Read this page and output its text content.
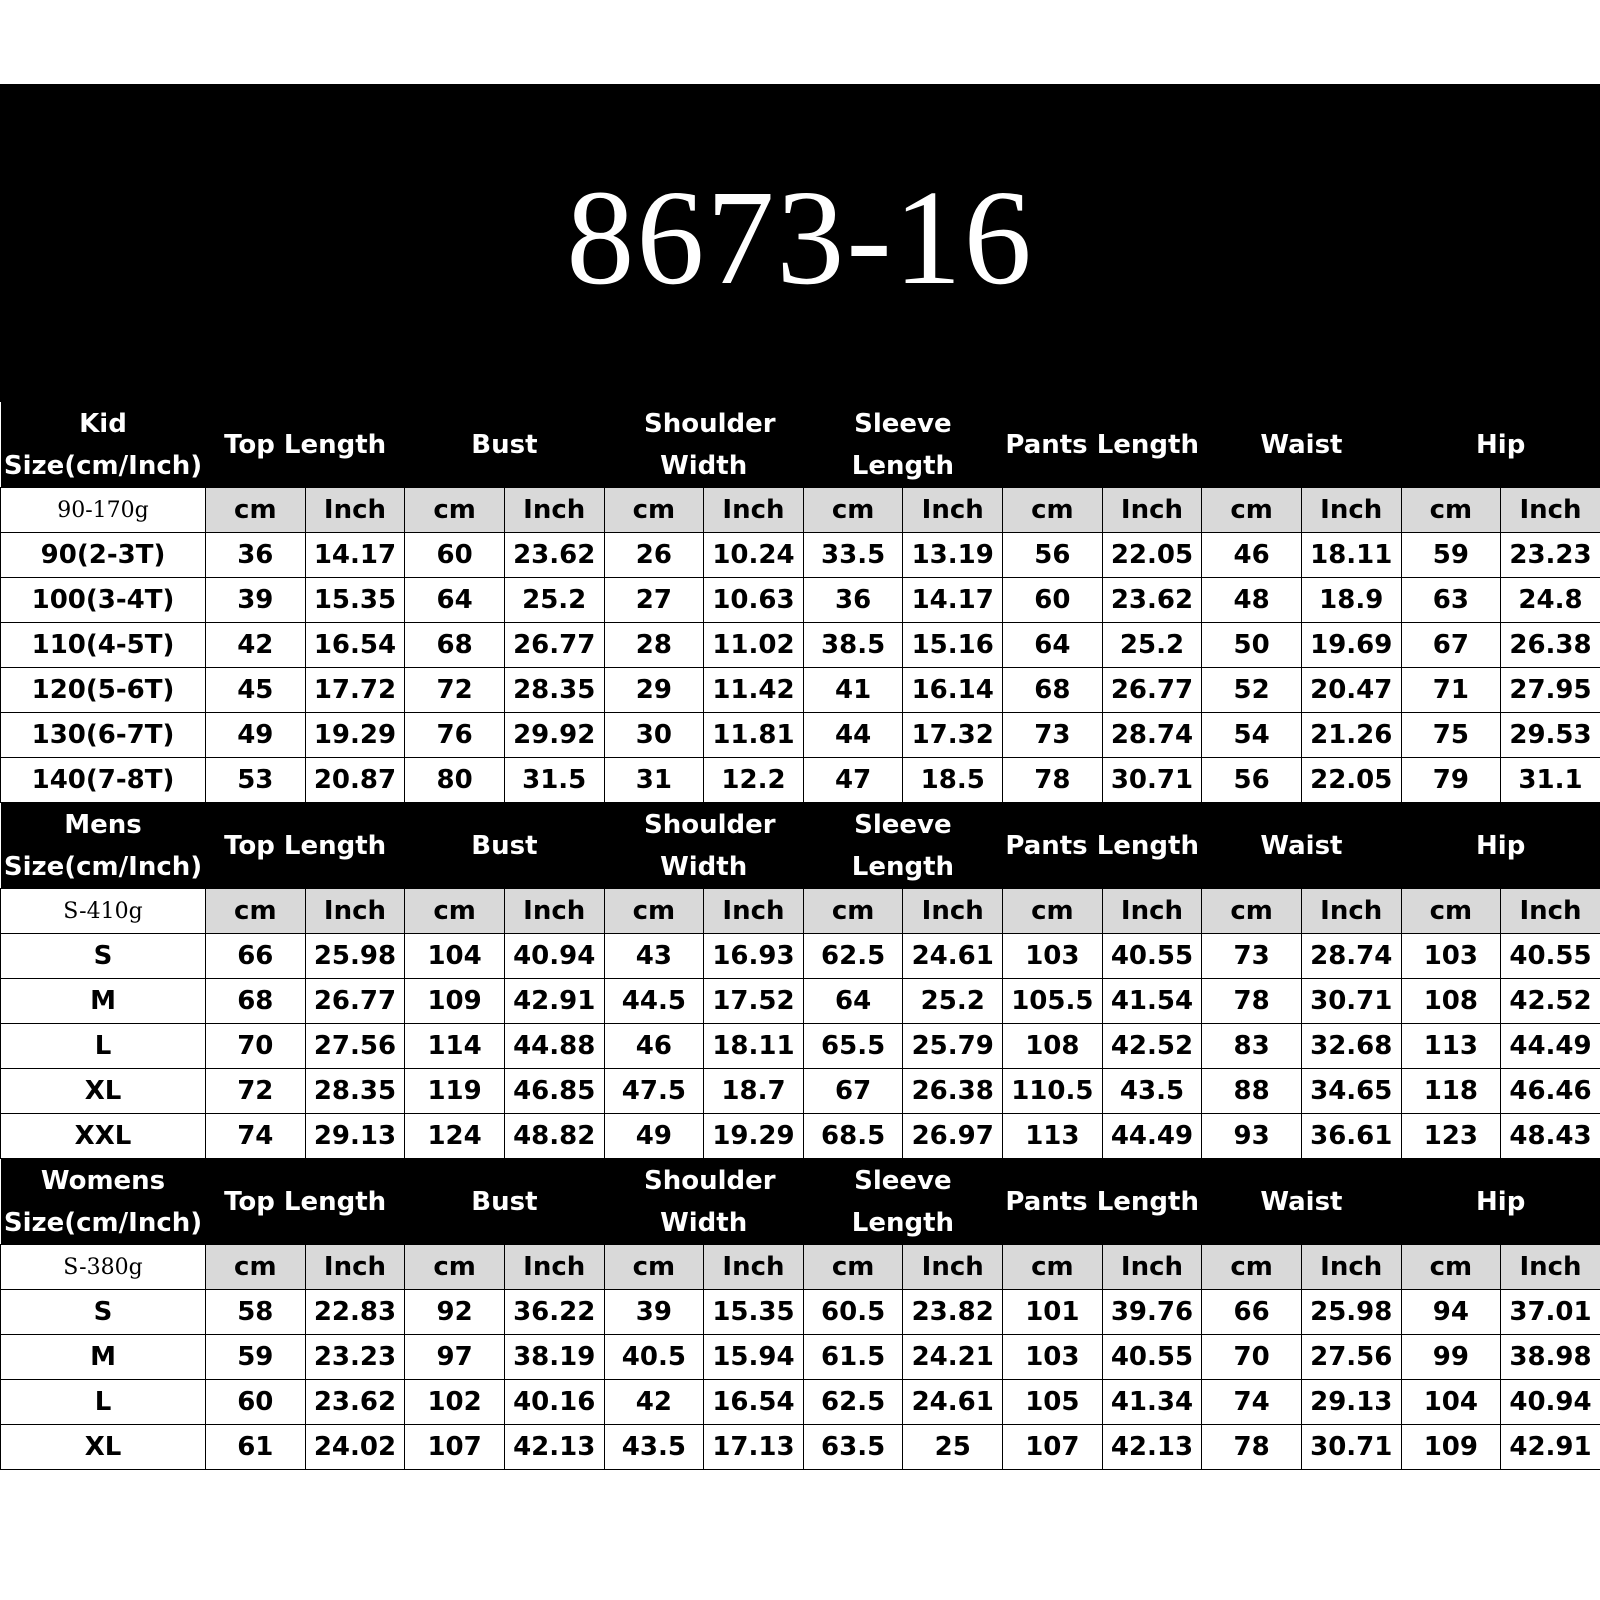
8673-16
Kid
Size(cm/Inch)	Top Length		Bust		Shoulder Width		Sleeve Length		Pants Length		Waist		Hip	
90-170g	cm	Inch	cm	Inch	cm	Inch	cm	Inch	cm	Inch	cm	Inch	cm	Inch
90(2-3T)	36	14.17	60	23.62	26	10.24	33.5	13.19	56	22.05	46	18.11	59	23.23
100(3-4T)	39	15.35	64	25.2	27	10.63	36	14.17	60	23.62	48	18.9	63	24.8
110(4-5T)	42	16.54	68	26.77	28	11.02	38.5	15.16	64	25.2	50	19.69	67	26.38
120(5-6T)	45	17.72	72	28.35	29	11.42	41	16.14	68	26.77	52	20.47	71	27.95
130(6-7T)	49	19.29	76	29.92	30	11.81	44	17.32	73	28.74	54	21.26	75	29.53
140(7-8T)	53	20.87	80	31.5	31	12.2	47	18.5	78	30.71	56	22.05	79	31.1

Mens
Size(cm/Inch)	Top Length		Bust		Shoulder Width		Sleeve Length		Pants Length		Waist		Hip	
S-410g	cm	Inch	cm	Inch	cm	Inch	cm	Inch	cm	Inch	cm	Inch	cm	Inch
S	66	25.98	104	40.94	43	16.93	62.5	24.61	103	40.55	73	28.74	103	40.55
M	68	26.77	109	42.91	44.5	17.52	64	25.2	105.5	41.54	78	30.71	108	42.52
L	70	27.56	114	44.88	46	18.11	65.5	25.79	108	42.52	83	32.68	113	44.49
XL	72	28.35	119	46.85	47.5	18.7	67	26.38	110.5	43.5	88	34.65	118	46.46
XXL	74	29.13	124	48.82	49	19.29	68.5	26.97	113	44.49	93	36.61	123	48.43

Womens
Size(cm/Inch)	Top Length		Bust		Shoulder Width		Sleeve Length		Pants Length		Waist		Hip	
S-380g	cm	Inch	cm	Inch	cm	Inch	cm	Inch	cm	Inch	cm	Inch	cm	Inch
S	58	22.83	92	36.22	39	15.35	60.5	23.82	101	39.76	66	25.98	94	37.01
M	59	23.23	97	38.19	40.5	15.94	61.5	24.21	103	40.55	70	27.56	99	38.98
L	60	23.62	102	40.16	42	16.54	62.5	24.61	105	41.34	74	29.13	104	40.94
XL	61	24.02	107	42.13	43.5	17.13	63.5	25	107	42.13	78	30.71	109	42.91
